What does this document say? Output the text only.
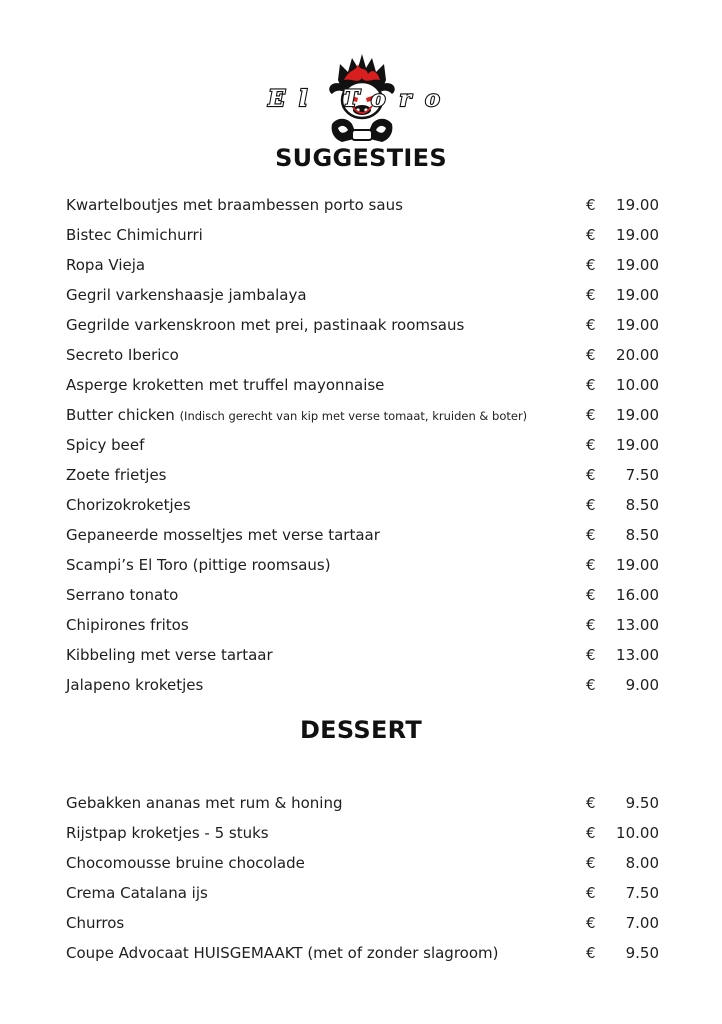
El Toro
SUGGESTIES
Kwartelboutjes met braambessen porto saus	€ 19.00
Bistec Chimichurri	€ 19.00
Ropa Vieja	€ 19.00
Gegril varkenshaasje jambalaya	€ 19.00
Gegrilde varkenskroon met prei, pastinaak roomsaus	€ 19.00
Secreto Iberico	€ 20.00
Asperge kroketten met truffel mayonnaise	€ 10.00
Butter chicken (Indisch gerecht van kip met verse tomaat, kruiden & boter)	€ 19.00
Spicy beef	€ 19.00
Zoete frietjes	€ 7.50
Chorizokroketjes	€ 8.50
Gepaneerde mosseltjes met verse tartaar	€ 8.50
Scampi’s El Toro (pittige roomsaus)	€ 19.00
Serrano tonato	€ 16.00
Chipirones fritos	€ 13.00
Kibbeling met verse tartaar	€ 13.00
Jalapeno kroketjes	€ 9.00
DESSERT
Gebakken ananas met rum & honing	€ 9.50
Rijstpap kroketjes - 5 stuks	€ 10.00
Chocomousse bruine chocolade	€ 8.00
Crema Catalana ijs	€ 7.50
Churros	€ 7.00
Coupe Advocaat HUISGEMAAKT (met of zonder slagroom)	€ 9.50
